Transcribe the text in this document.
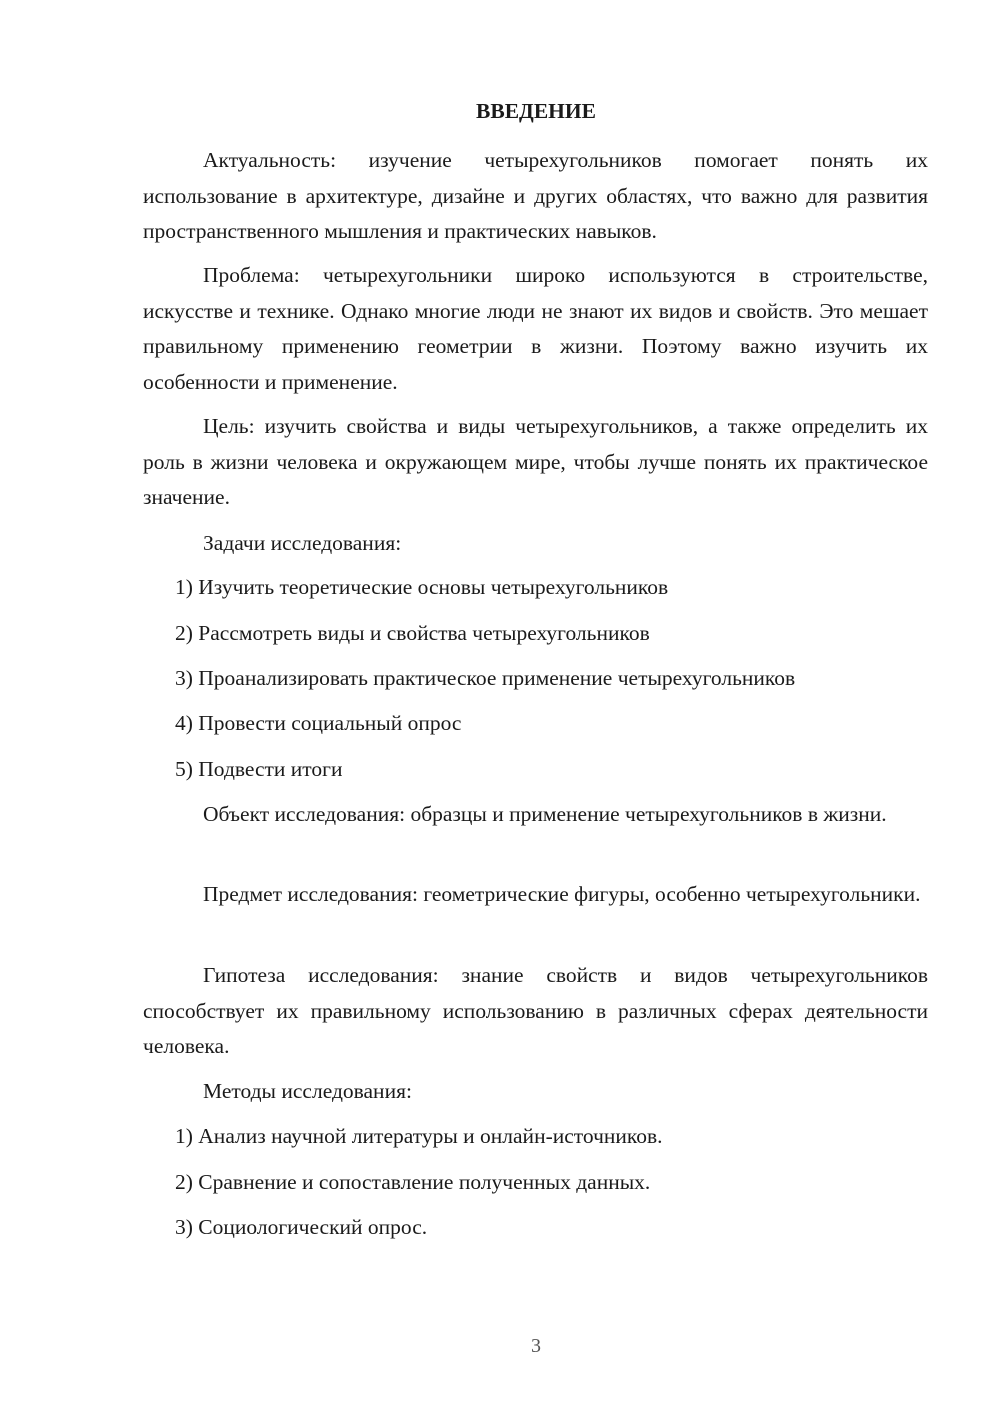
ВВЕДЕНИЕ

Актуальность: изучение четырехугольников помогает понять их использование в архитектуре, дизайне и других областях, что важно для развития пространственного мышления и практических навыков.

Проблема: четырехугольники широко используются в строительстве, искусстве и технике. Однако многие люди не знают их видов и свойств. Это мешает правильному применению геометрии в жизни. Поэтому важно изучить их особенности и применение.

Цель: изучить свойства и виды четырехугольников, а также определить их роль в жизни человека и окружающем мире, чтобы лучше понять их практическое значение.

Задачи исследования:

1) Изучить теоретические основы четырехугольников

2) Рассмотреть виды и свойства четырехугольников

3) Проанализировать практическое применение четырехугольников

4) Провести социальный опрос

5) Подвести итоги

Объект исследования: образцы и применение четырехугольников в жизни.

Предмет исследования: геометрические фигуры, особенно четырехугольники.

Гипотеза исследования: знание свойств и видов четырехугольников способствует их правильному использованию в различных сферах деятельности человека.

Методы исследования:

1) Анализ научной литературы и онлайн-источников.

2) Сравнение и сопоставление полученных данных.

3) Социологический опрос.

3
